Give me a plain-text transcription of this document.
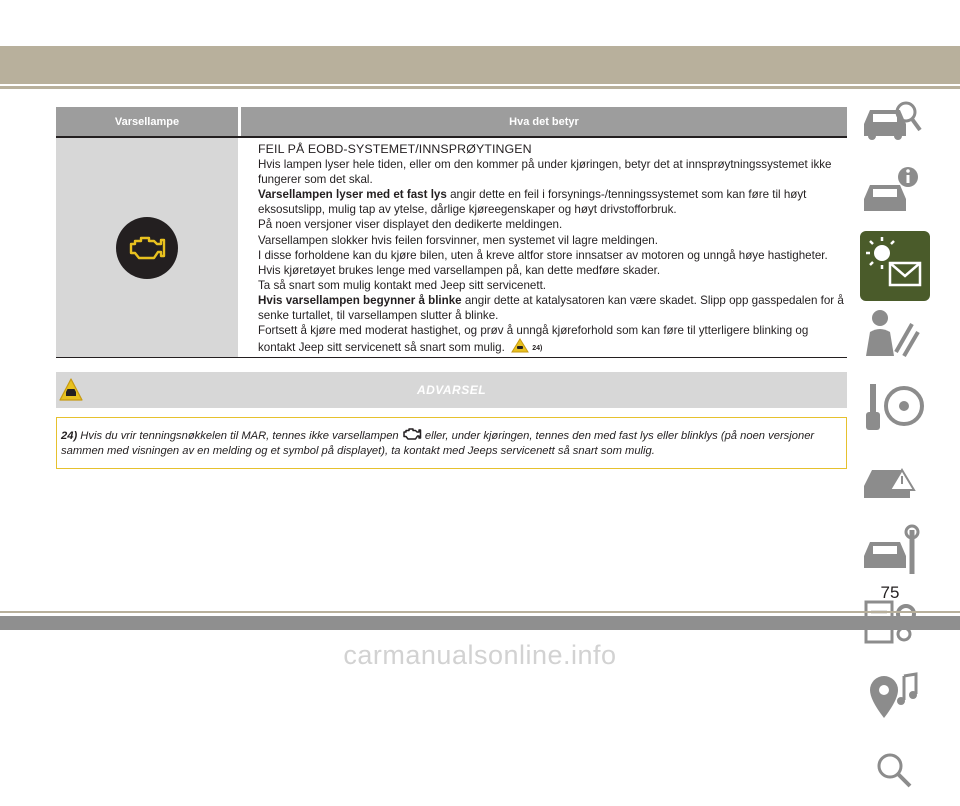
Varsellampe	Hva det betyr

FEIL PÅ EOBD-SYSTEMET/INNSPRØYTINGEN

Hvis lampen lyser hele tiden, eller om den kommer på under kjøringen, betyr det at innsprøytningssystemet ikke fungerer som det skal.

Varsellampen lyser med et fast lys angir dette en feil i forsynings-/tenningssystemet som kan føre til høyt eksosutslipp, mulig tap av ytelse, dårlige kjøreegenskaper og høyt drivstofforbruk.

På noen versjoner viser displayet den dedikerte meldingen.

Varsellampen slokker hvis feilen forsvinner, men systemet vil lagre meldingen.

I disse forholdene kan du kjøre bilen, uten å kreve altfor store innsatser av motoren og unngå høye hastigheter. Hvis kjøretøyet brukes lenge med varsellampen på, kan dette medføre skader.

Ta så snart som mulig kontakt med Jeep sitt servicenett.

Hvis varsellampen begynner å blinke angir dette at katalysatoren kan være skadet. Slipp opp gasspedalen for å senke turtallet, til varsellampen slutter å blinke.

Fortsett å kjøre med moderat hastighet, og prøv å unngå kjøreforhold som kan føre til ytterligere blinking og kontakt Jeep sitt servicenett så snart som mulig.	24)

ADVARSEL
24) Hvis du vrir tenningsnøkkelen til MAR, tennes ikke varsellampen eller, under kjøringen, tennes den med fast lys eller blinklys (på noen versjoner sammen med visningen av en melding og et symbol på displayet), ta kontakt med Jeeps servicenett så snart som mulig.
75
carmanualsonline.info
